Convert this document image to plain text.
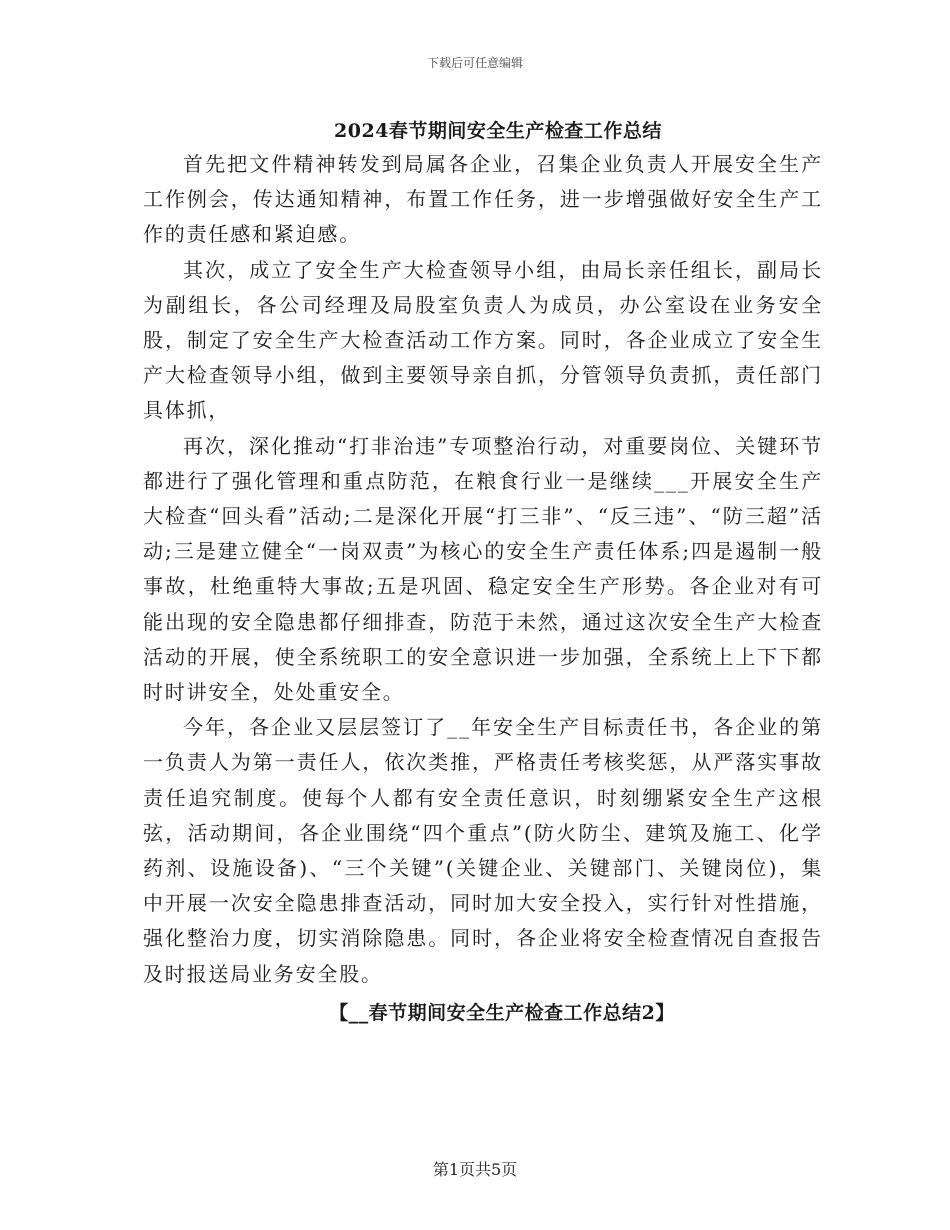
下载后可任意编辑
2024春节期间安全生产检查工作总结

首先把文件精神转发到局属各企业，召集企业负责人开展安全生产工作例会，传达通知精神，布置工作任务，进一步增强做好安全生产工作的责任感和紧迫感。

其次，成立了安全生产大检查领导小组，由局长亲任组长，副局长为副组长，各公司经理及局股室负责人为成员，办公室设在业务安全股，制定了安全生产大检查活动工作方案。同时，各企业成立了安全生产大检查领导小组，做到主要领导亲自抓，分管领导负责抓，责任部门具体抓，

再次，深化推动“打非治违”专项整治行动，对重要岗位、关键环节都进行了强化管理和重点防范，在粮食行业一是继续___开展安全生产大检查“回头看”活动;二是深化开展“打三非”、“反三违”、“防三超”活动;三是建立健全“一岗双责”为核心的安全生产责任体系;四是遏制一般事故，杜绝重特大事故;五是巩固、稳定安全生产形势。各企业对有可能出现的安全隐患都仔细排查，防范于未然，通过这次安全生产大检查活动的开展，使全系统职工的安全意识进一步加强，全系统上上下下都时时讲安全，处处重安全。

今年，各企业又层层签订了__年安全生产目标责任书，各企业的第一负责人为第一责任人，依次类推，严格责任考核奖惩，从严落实事故责任追究制度。使每个人都有安全责任意识，时刻绷紧安全生产这根弦，活动期间，各企业围绕“四个重点”(防火防尘、建筑及施工、化学药剂、设施设备)、“三个关键”(关键企业、关键部门、关键岗位)，集中开展一次安全隐患排查活动，同时加大安全投入，实行针对性措施，强化整治力度，切实消除隐患。同时，各企业将安全检查情况自查报告及时报送局业务安全股。

【__春节期间安全生产检查工作总结2】

第1页共5页
